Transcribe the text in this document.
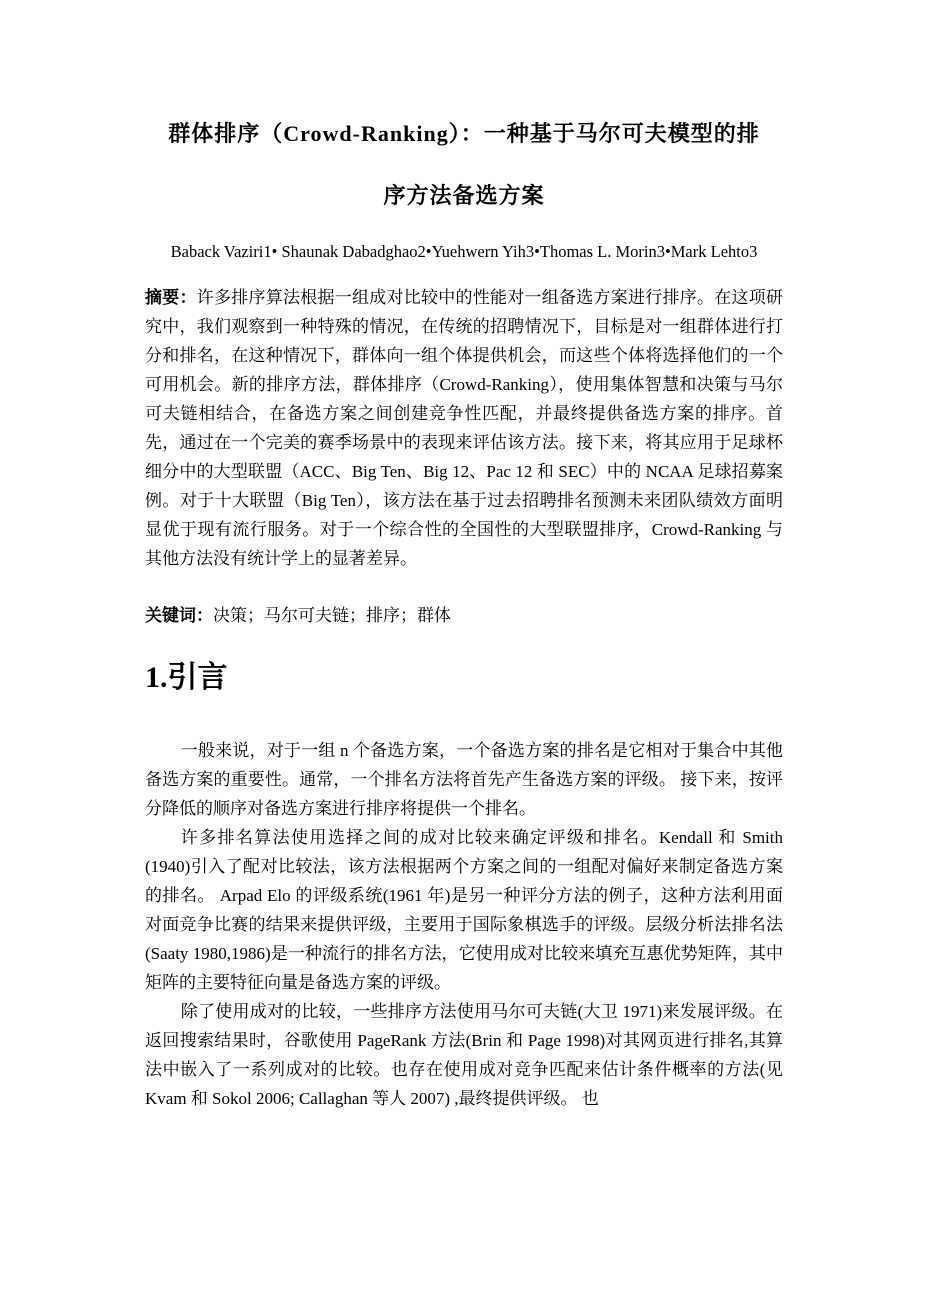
群体排序（Crowd-Ranking）：一种基于马尔可夫模型的排
序方法备选方案

Baback Vaziri1• Shaunak Dabadghao2•Yuehwern Yih3•Thomas L. Morin3•Mark Lehto3

摘要：许多排序算法根据一组成对比较中的性能对一组备选方案进行排序。在这项研究中，我们观察到一种特殊的情况，在传统的招聘情况下，目标是对一组群体进行打分和排名，在这种情况下，群体向一组个体提供机会，而这些个体将选择他们的一个可用机会。新的排序方法，群体排序（Crowd-Ranking），使用集体智慧和决策与马尔可夫链相结合，在备选方案之间创建竞争性匹配，并最终提供备选方案的排序。首先，通过在一个完美的赛季场景中的表现来评估该方法。接下来，将其应用于足球杯细分中的大型联盟（ACC、Big Ten、Big 12、Pac 12 和 SEC）中的 NCAA 足球招募案例。对于十大联盟（Big Ten），该方法在基于过去招聘排名预测未来团队绩效方面明显优于现有流行服务。对于一个综合性的全国性的大型联盟排序，Crowd-Ranking 与其他方法没有统计学上的显著差异。

关键词：决策；马尔可夫链；排序；群体

1.引言

一般来说，对于一组 n 个备选方案，一个备选方案的排名是它相对于集合中其他备选方案的重要性。通常，一个排名方法将首先产生备选方案的评级。 接下来，按评分降低的顺序对备选方案进行排序将提供一个排名。

许多排名算法使用选择之间的成对比较来确定评级和排名。Kendall 和 Smith (1940)引入了配对比较法，该方法根据两个方案之间的一组配对偏好来制定备选方案的排名。 Arpad Elo 的评级系统(1961 年)是另一种评分方法的例子，这种方法利用面对面竞争比赛的结果来提供评级，主要用于国际象棋选手的评级。层级分析法排名法(Saaty 1980,1986)是一种流行的排名方法，它使用成对比较来填充互惠优势矩阵，其中矩阵的主要特征向量是备选方案的评级。

除了使用成对的比较，一些排序方法使用马尔可夫链(大卫 1971)来发展评级。在返回搜索结果时，谷歌使用 PageRank 方法(Brin 和 Page 1998)对其网页进行排名,其算法中嵌入了一系列成对的比较。也存在使用成对竞争匹配来估计条件概率的方法(见 Kvam 和 Sokol 2006; Callaghan 等人 2007) ,最终提供评级。 也
